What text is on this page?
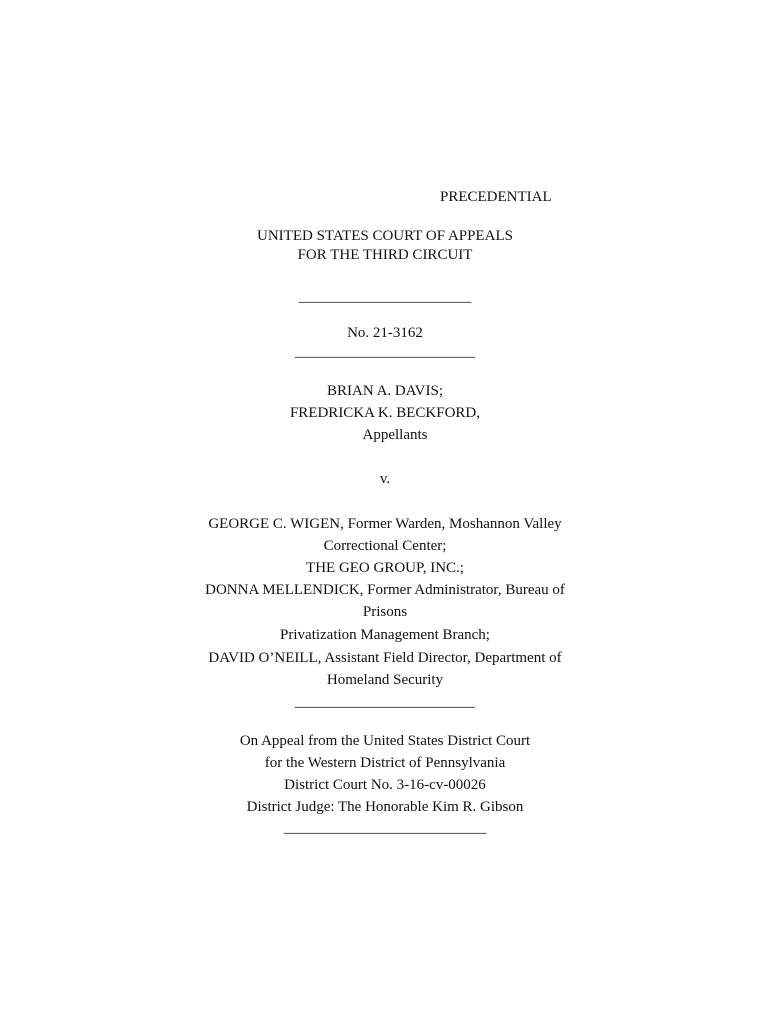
PRECEDENTIAL
UNITED STATES COURT OF APPEALS
FOR THE THIRD CIRCUIT
_______________________
No. 21-3162
________________________
BRIAN A. DAVIS;
FREDRICKA K. BECKFORD,
Appellants
v.
GEORGE C. WIGEN, Former Warden, Moshannon Valley
Correctional Center;
THE GEO GROUP, INC.;
DONNA MELLENDICK, Former Administrator, Bureau of
Prisons
Privatization Management Branch;
DAVID O’NEILL, Assistant Field Director, Department of
Homeland Security
________________________
On Appeal from the United States District Court
for the Western District of Pennsylvania
District Court No. 3-16-cv-00026
District Judge: The Honorable Kim R. Gibson
___________________________
